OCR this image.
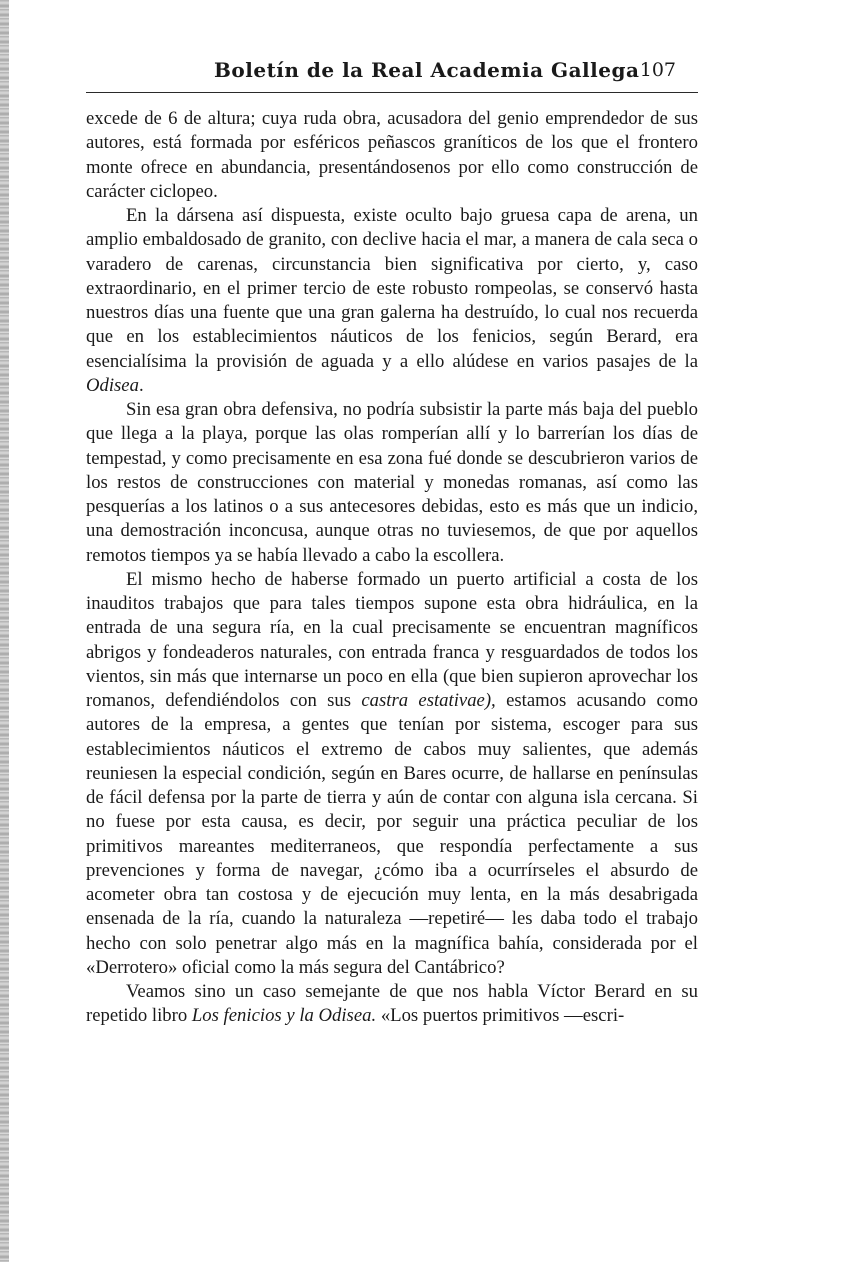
Boletín de la Real Academia Gallega 107

excede de 6 de altura; cuya ruda obra, acusadora del genio emprendedor de sus autores, está formada por esféricos peñascos graníticos de los que el frontero monte ofrece en abundancia, presentándosenos por ello como construcción de carácter ciclopeo.

En la dársena así dispuesta, existe oculto bajo gruesa capa de arena, un amplio embaldosado de granito, con declive hacia el mar, a manera de cala seca o varadero de carenas, circunstancia bien significativa por cierto, y, caso extraordinario, en el primer tercio de este robusto rompeolas, se conservó hasta nuestros días una fuente que una gran galerna ha destruído, lo cual nos recuerda que en los establecimientos náuticos de los fenicios, según Berard, era esencialísima la provisión de aguada y a ello alúdese en varios pasajes de la Odisea.

Sin esa gran obra defensiva, no podría subsistir la parte más baja del pueblo que llega a la playa, porque las olas romperían allí y lo barrerían los días de tempestad, y como precisamente en esa zona fué donde se descubrieron varios de los restos de construcciones con material y monedas romanas, así como las pesquerías a los latinos o a sus antecesores debidas, esto es más que un indicio, una demostración inconcusa, aunque otras no tuviesemos, de que por aquellos remotos tiempos ya se había llevado a cabo la escollera.

El mismo hecho de haberse formado un puerto artificial a costa de los inauditos trabajos que para tales tiempos supone esta obra hidráulica, en la entrada de una segura ría, en la cual precisamente se encuentran magníficos abrigos y fondeaderos naturales, con entrada franca y resguardados de todos los vientos, sin más que internarse un poco en ella (que bien supieron aprovechar los romanos, defendiéndolos con sus castra estativae), estamos acusando como autores de la empresa, a gentes que tenían por sistema, escoger para sus establecimientos náuticos el extremo de cabos muy salientes, que además reuniesen la especial condición, según en Bares ocurre, de hallarse en penínsulas de fácil defensa por la parte de tierra y aún de contar con alguna isla cercana. Si no fuese por esta causa, es decir, por seguir una práctica peculiar de los primitivos mareantes mediterraneos, que respondía perfectamente a sus prevenciones y forma de navegar, ¿cómo iba a ocurrírseles el absurdo de acometer obra tan costosa y de ejecución muy lenta, en la más desabrigada ensenada de la ría, cuando la naturaleza —repetiré— les daba todo el trabajo hecho con solo penetrar algo más en la magnífica bahía, considerada por el «Derrotero» oficial como la más segura del Cantábrico?

Veamos sino un caso semejante de que nos habla Víctor Berard en su repetido libro Los fenicios y la Odisea. «Los puertos primitivos —escri-
